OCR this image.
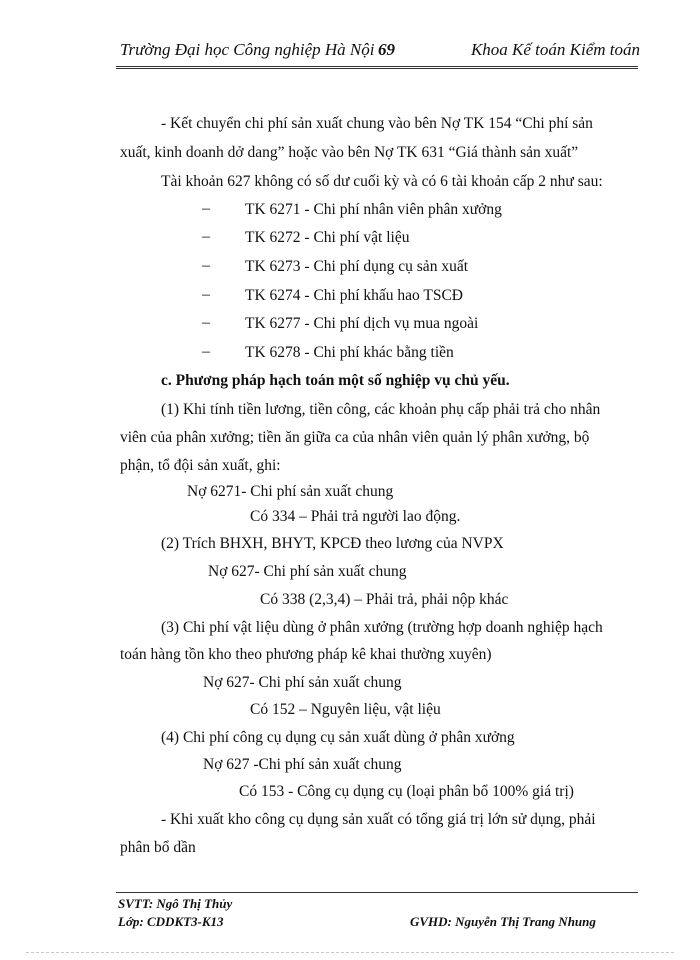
Trường Đại học Công nghiệp Hà Nội 69	Khoa Kế toán Kiểm toán
- Kết chuyển chi phí sản xuất chung vào bên Nợ TK 154 “Chi phí sản
xuất, kinh doanh dở dang” hoặc vào bên Nợ TK 631 “Giá thành sản xuất”
Tài khoản 627 không có số dư cuối kỳ và có 6 tài khoản cấp 2 như sau:
– TK 6271 - Chi phí nhân viên phân xưởng
– TK 6272 - Chi phí vật liệu
– TK 6273 - Chi phí dụng cụ sản xuất
– TK 6274 - Chi phí khấu hao TSCĐ
– TK 6277 - Chi phí dịch vụ mua ngoài
– TK 6278 - Chi phí khác bằng tiền
c. Phương pháp hạch toán một số nghiệp vụ chủ yếu.
(1) Khi tính tiền lương, tiền công, các khoản phụ cấp phải trả cho nhân
viên của phân xưởng; tiền ăn giữa ca của nhân viên quản lý phân xưởng, bộ
phận, tổ đội sản xuất, ghi:
Nợ 6271- Chi phí sản xuất chung
Có 334 – Phải trả người lao động.
(2) Trích BHXH, BHYT, KPCĐ theo lương của NVPX
Nợ 627- Chi phí sản xuất chung
Có 338 (2,3,4) – Phải trả, phải nộp khác
(3) Chi phí vật liệu dùng ở phân xưởng (trường hợp doanh nghiệp hạch
toán hàng tồn kho theo phương pháp kê khai thường xuyên)
Nợ 627- Chi phí sản xuất chung
Có 152 – Nguyên liệu, vật liệu
(4) Chi phí công cụ dụng cụ sản xuất dùng ở phân xưởng
Nợ 627 -Chi phí sản xuất chung
Có 153 - Công cụ dụng cụ (loại phân bổ 100% giá trị)
- Khi xuất kho công cụ dụng sản xuất có tổng giá trị lớn sử dụng, phải
phân bổ dần
SVTT: Ngô Thị Thủy
Lớp: CDDKT3-K13	GVHD: Nguyễn Thị Trang Nhung
